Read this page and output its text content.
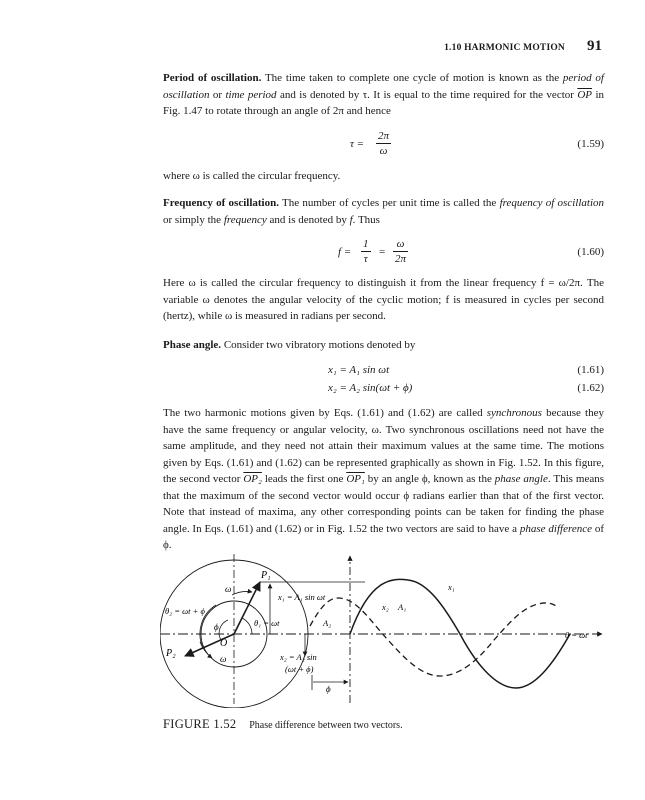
1.10 HARMONIC MOTION 91

Period of oscillation. The time taken to complete one cycle of motion is known as the period of oscillation or time period and is denoted by τ. It is equal to the time required for the vector $\overline{OP}$ in Fig. 1.47 to rotate through an angle of 2π and hence

$\tau = \frac{2\pi}{\omega}$	(1.59)

where ω is called the circular frequency.

Frequency of oscillation. The number of cycles per unit time is called the frequency of oscillation or simply the frequency and is denoted by f. Thus

$f = \frac{1}{\tau} = \frac{\omega}{2\pi}$	(1.60)

Here ω is called the circular frequency to distinguish it from the linear frequency f = ω/2π. The variable ω denotes the angular velocity of the cyclic motion; f is measured in cycles per second (hertz), while ω is measured in radians per second.

Phase angle. Consider two vibratory motions denoted by

x₁ = A₁ sin ωt	(1.61)
x₂ = A₂ sin(ωt + ϕ)	(1.62)

The two harmonic motions given by Eqs. (1.61) and (1.62) are called synchronous because they have the same frequency or angular velocity, ω. Two synchronous oscillations need not have the same amplitude, and they need not attain their maximum values at the same time. The motions given by Eqs. (1.61) and (1.62) can be represented graphically as shown in Fig. 1.52. In this figure, the second vector OP₂ leads the first one OP₁ by an angle ϕ, known as the phase angle. This means that the maximum of the second vector would occur ϕ radians earlier than that of the first vector. Note that instead of maxima, any other corresponding points can be taken for finding the phase angle. In Eqs. (1.61) and (1.62) or in Fig. 1.52 the two vectors are said to have a phase difference of ϕ.

P₁
P₂
O
ω
ω
ϕ
θ₂ = ωt + ϕ
θ₁ = ωt
x₁ = A₁ sin ωt
A₂
x₂ = A₂ sin
(ωt + ϕ)
ϕ
x₂ A₁
x₁
θ = ωt
FIGURE 1.52 Phase difference between two vectors.
